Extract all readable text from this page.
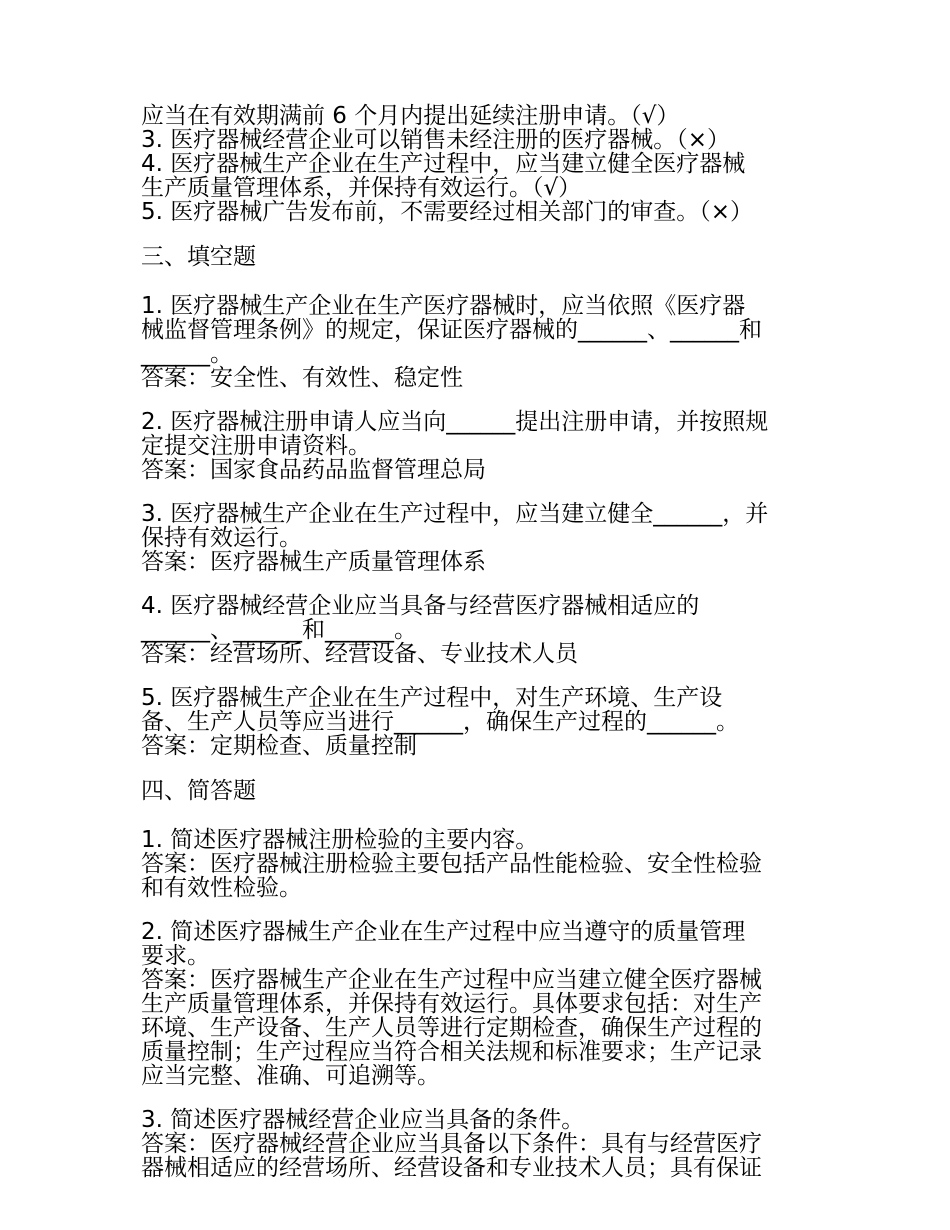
应当在有效期满前 6 个月内提出延续注册申请。（√）
3. 医疗器械经营企业可以销售未经注册的医疗器械。（×）
4. 医疗器械生产企业在生产过程中，应当建立健全医疗器械
生产质量管理体系，并保持有效运行。（√）
5. 医疗器械广告发布前，不需要经过相关部门的审查。（×）
三、填空题
1. 医疗器械生产企业在生产医疗器械时，应当依照《医疗器
械监督管理条例》的规定，保证医疗器械的______、______和
______。
答案：安全性、有效性、稳定性
2. 医疗器械注册申请人应当向______提出注册申请，并按照规
定提交注册申请资料。
答案：国家食品药品监督管理总局
3. 医疗器械生产企业在生产过程中，应当建立健全______，并
保持有效运行。
答案：医疗器械生产质量管理体系
4. 医疗器械经营企业应当具备与经营医疗器械相适应的
______、______和______。
答案：经营场所、经营设备、专业技术人员
5. 医疗器械生产企业在生产过程中，对生产环境、生产设
备、生产人员等应当进行______，确保生产过程的______。
答案：定期检查、质量控制
四、简答题
1. 简述医疗器械注册检验的主要内容。
答案：医疗器械注册检验主要包括产品性能检验、安全性检验
和有效性检验。
2. 简述医疗器械生产企业在生产过程中应当遵守的质量管理
要求。
答案：医疗器械生产企业在生产过程中应当建立健全医疗器械
生产质量管理体系，并保持有效运行。具体要求包括：对生产
环境、生产设备、生产人员等进行定期检查，确保生产过程的
质量控制；生产过程应当符合相关法规和标准要求；生产记录
应当完整、准确、可追溯等。
3. 简述医疗器械经营企业应当具备的条件。
答案：医疗器械经营企业应当具备以下条件：具有与经营医疗
器械相适应的经营场所、经营设备和专业技术人员；具有保证
